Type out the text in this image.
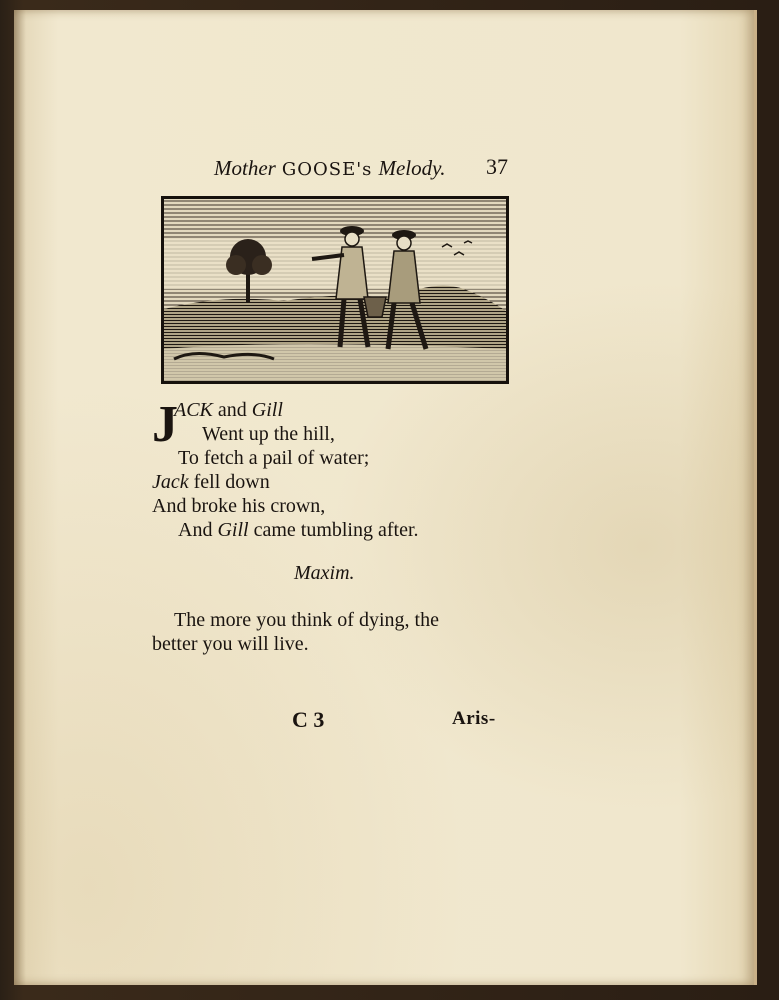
Mother GOOSE's Melody.	37
J
ACK and Gill
Went up the hill,
To fetch a pail of water;
Jack fell down
And broke his crown,
And Gill came tumbling after.
Maxim.
The more you think of dying, the
better you will live.
C 3	Aris-
